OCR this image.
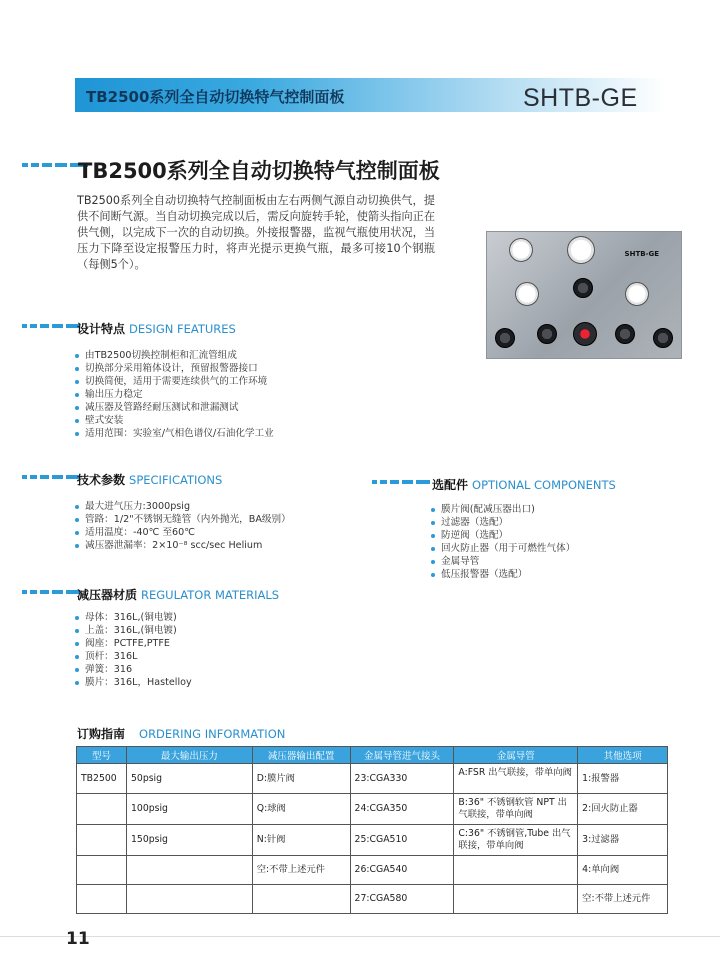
TB2500系列全自动切换特气控制面板	SHTB-GE
TB2500系列全自动切换特气控制面板
TB2500系列全自动切换特气控制面板由左右两侧气源自动切换供气，提供不间断气源。当自动切换完成以后，需反向旋转手轮，使箭头指向正在供气侧，以完成下一次的自动切换。外接报警器，监视气瓶使用状况，当压力下降至设定报警压力时，将声光提示更换气瓶，最多可接10个钢瓶（每侧5个）。
SHTB-GE
设计特点 DESIGN FEATURES
由TB2500切换控制柜和汇流管组成
切换部分采用箱体设计，预留报警器接口
切换简便，适用于需要连续供气的工作环境
输出压力稳定
减压器及管路经耐压测试和泄漏测试
壁式安装
适用范围：实验室/气相色谱仪/石油化学工业
技术参数 SPECIFICATIONS
最大进气压力:3000psig
管路：1/2"不锈钢无缝管（内外抛光，BA级别）
适用温度：-40℃ 至60℃
减压器泄漏率：2×10⁻⁸ scc/sec Helium
选配件 OPTIONAL COMPONENTS
膜片阀(配减压器出口)
过滤器（选配）
防逆阀（选配）
回火防止器（用于可燃性气体）
金属导管
低压报警器（选配）
减压器材质 REGULATOR MATERIALS
母体：316L,(铜电镀)
上盖：316L,(铜电镀)
阀座：PCTFE,PTFE
顶杆：316L
弹簧：316
膜片：316L，Hastelloy
订购指南 ORDERING INFORMATION
型号	最大输出压力	减压器输出配置	金属导管进气接头	金属导管	其他选项
TB2500	50psig	D:膜片阀	23:CGA330	A:FSR 出气联接，带单向阀	1:报警器
	100psig	Q:球阀	24:CGA350	B:36" 不锈钢软管 NPT 出气联接，带单向阀	2:回火防止器
	150psig	N:针阀	25:CGA510	C:36" 不锈钢管,Tube 出气联接，带单向阀	3:过滤器
		空:不带上述元件	26:CGA540		4:单向阀
			27:CGA580		空:不带上述元件
11
